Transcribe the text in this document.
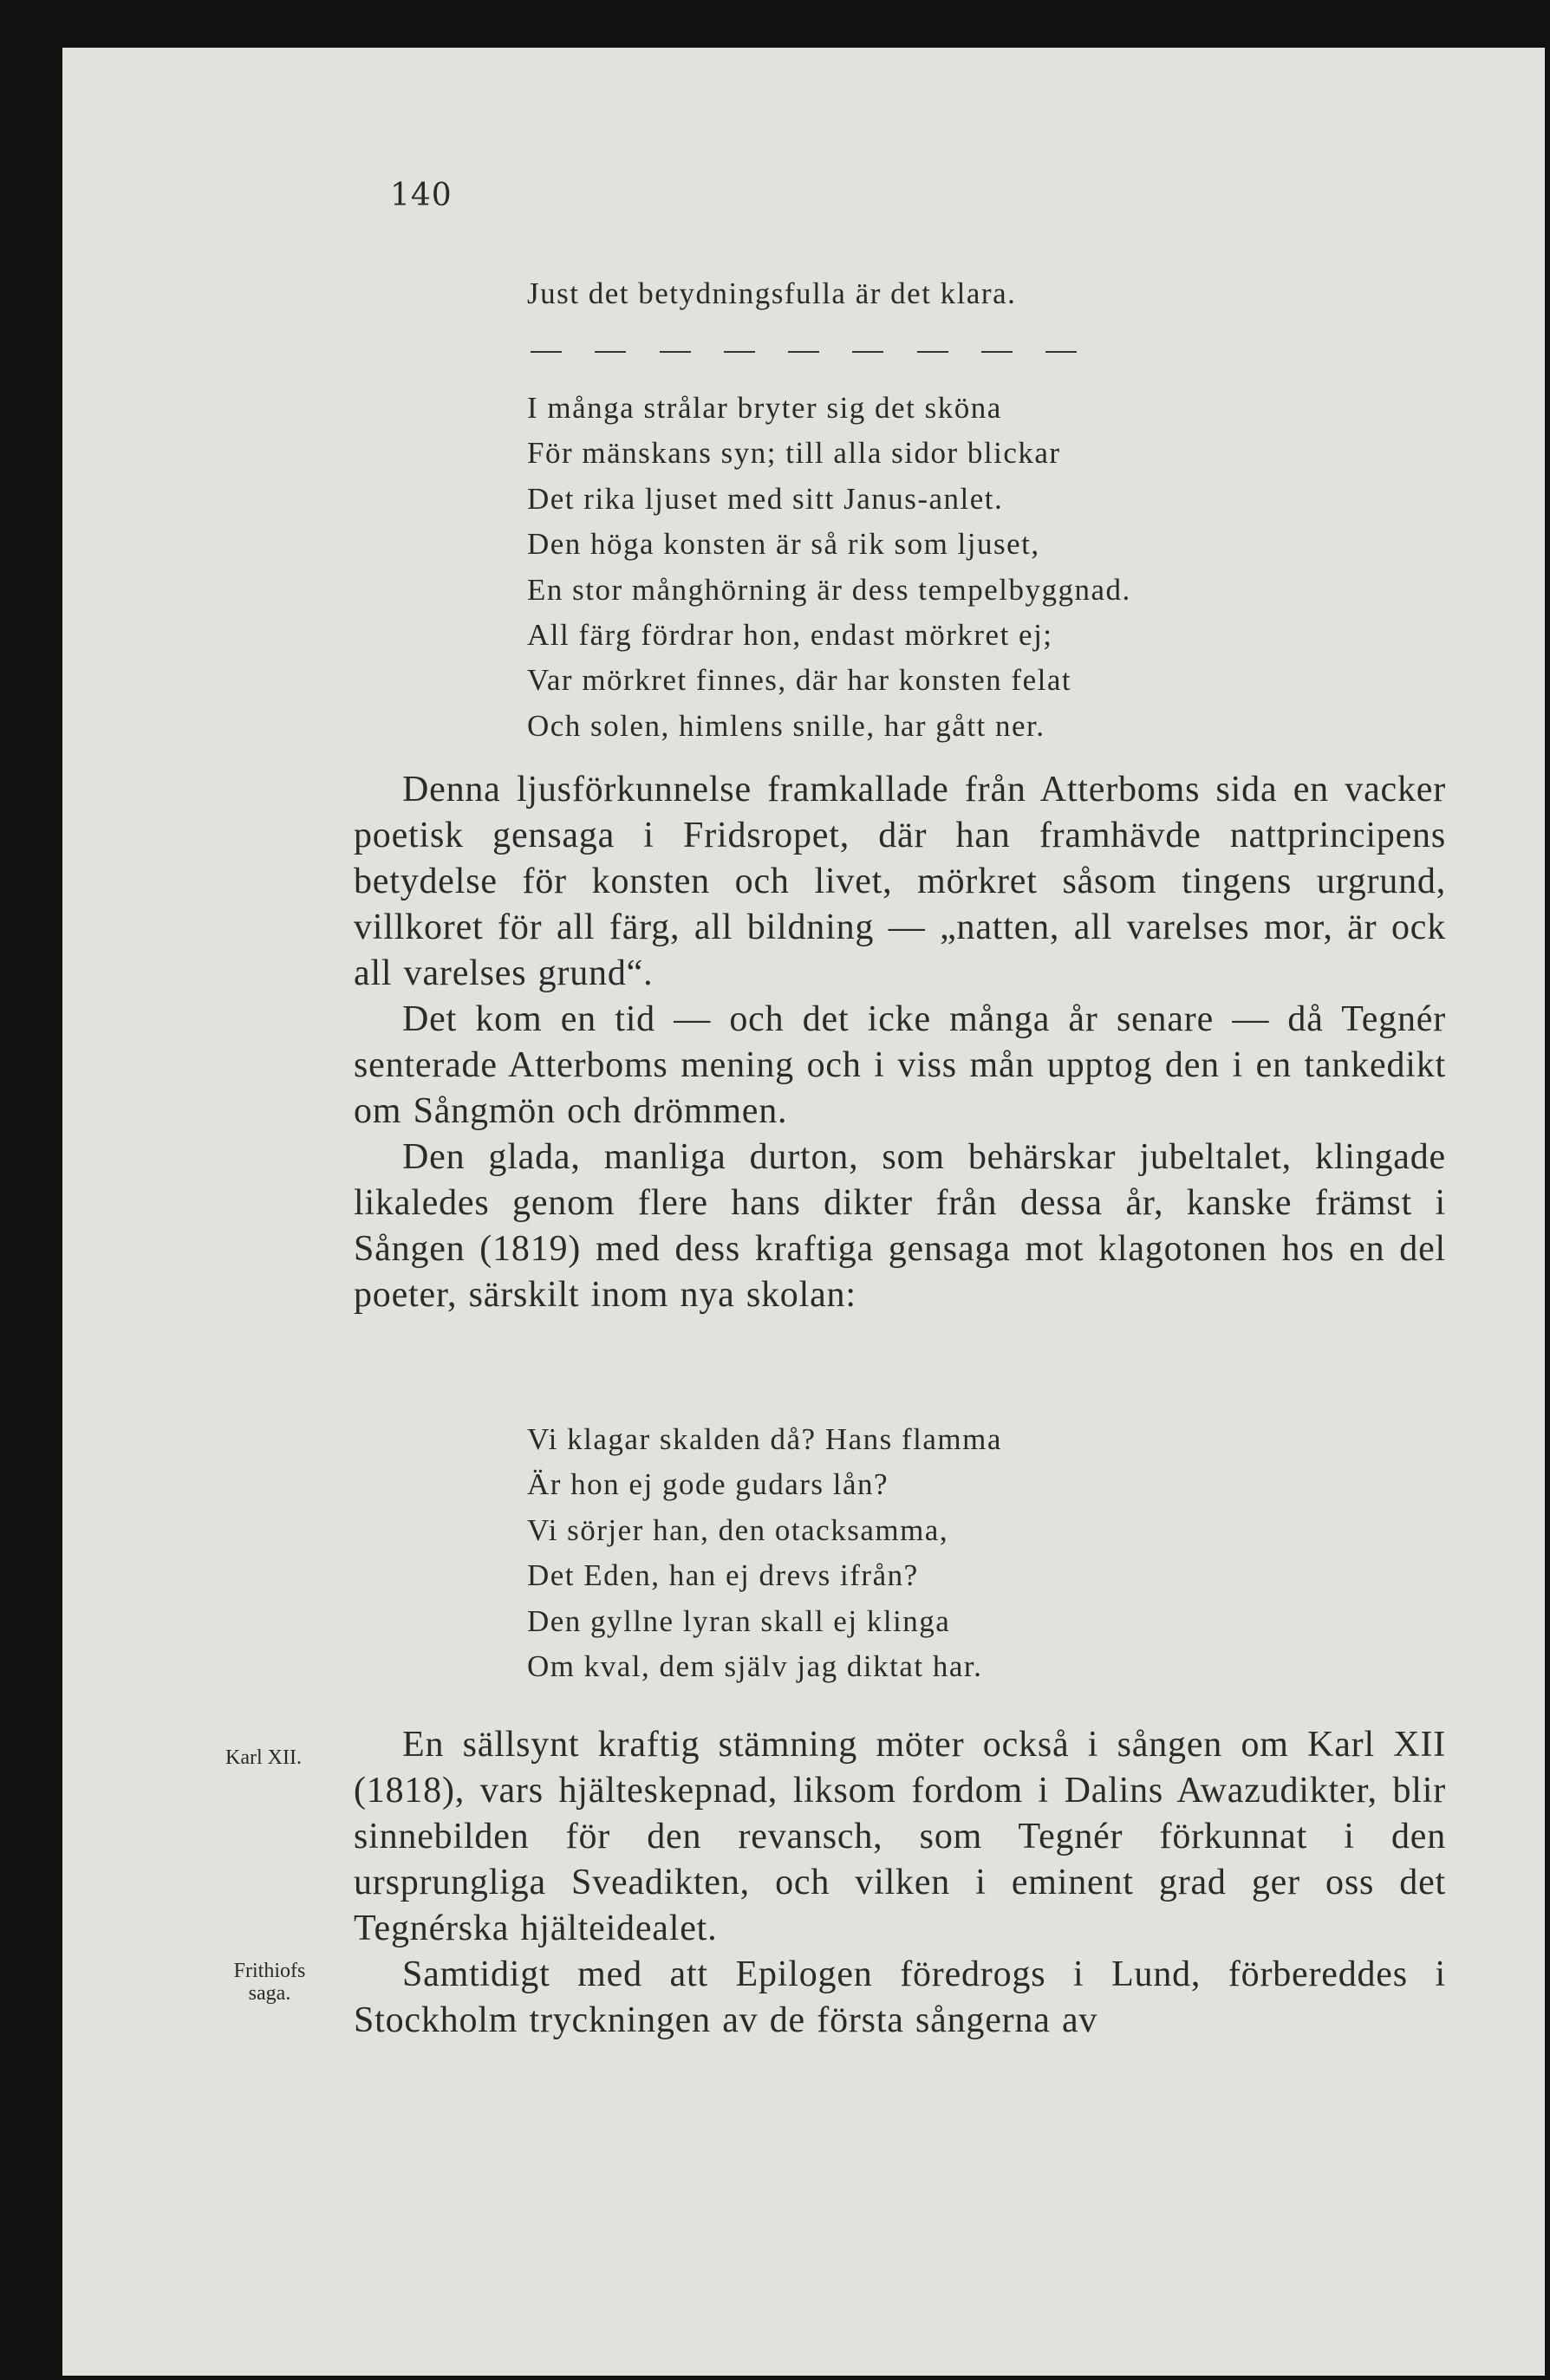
140
Just det betydningsfulla är det klara.
I många strålar bryter sig det sköna
För mänskans syn; till alla sidor blickar
Det rika ljuset med sitt Janus-anlet.
Den höga konsten är så rik som ljuset,
En stor månghörning är dess tempelbyggnad.
All färg fördrar hon, endast mörkret ej;
Var mörkret finnes, där har konsten felat
Och solen, himlens snille, har gått ner.

Denna ljusförkunnelse framkallade från Atterboms sida en vacker poetisk gensaga i Fridsropet, där han framhävde nattprincipens betydelse för konsten och livet, mörkret såsom tingens urgrund, villkoret för all färg, all bildning — „natten, all varelses mor, är ock all varelses grund“.

Det kom en tid — och det icke många år senare — då Tegnér senterade Atterboms mening och i viss mån upptog den i en tankedikt om Sångmön och drömmen.

Den glada, manliga durton, som behärskar jubeltalet, klingade likaledes genom flere hans dikter från dessa år, kanske främst i Sången (1819) med dess kraftiga gensaga mot klagotonen hos en del poeter, särskilt inom nya skolan:

Vi klagar skalden då? Hans flamma
Är hon ej gode gudars lån?
Vi sörjer han, den otacksamma,
Det Eden, han ej drevs ifrån?
Den gyllne lyran skall ej klinga
Om kval, dem själv jag diktat har.
Karl XII.
Frithiofs
saga.

En sällsynt kraftig stämning möter också i sången om Karl XII (1818), vars hjälteskepnad, liksom fordom i Dalins Awazudikter, blir sinnebilden för den revansch, som Tegnér förkunnat i den ursprungliga Sveadikten, och vilken i eminent grad ger oss det Tegnérska hjälteidealet.

Samtidigt med att Epilogen föredrogs i Lund, förbereddes i Stockholm tryckningen av de första sångerna av
